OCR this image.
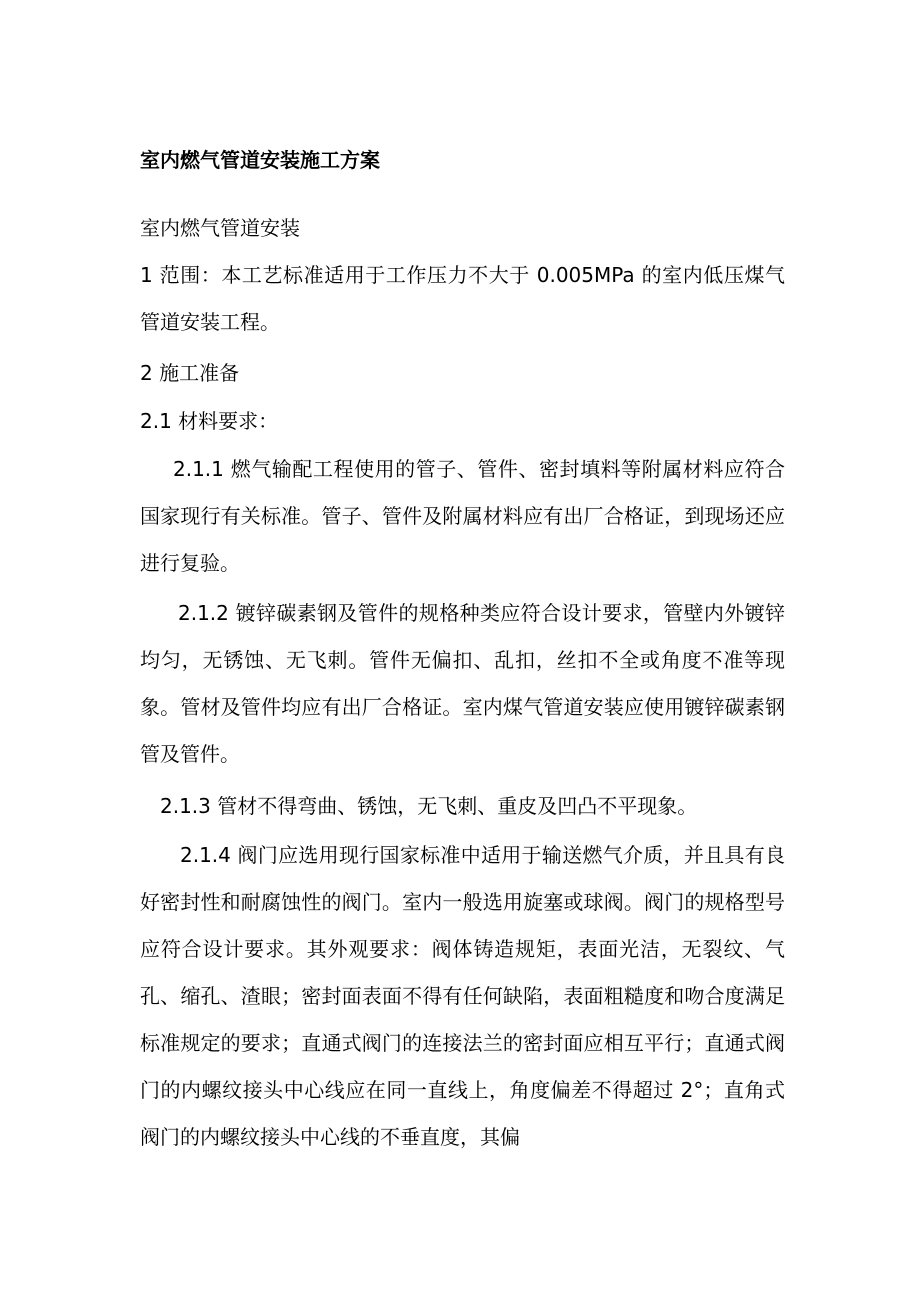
室内燃气管道安装施工方案

室内燃气管道安装

1 范围：本工艺标准适用于工作压力不大于 0.005MPa 的室内低压煤气管道安装工程。

2 施工准备

2.1 材料要求：

2.1.1 燃气输配工程使用的管子、管件、密封填料等附属材料应符合国家现行有关标准。管子、管件及附属材料应有出厂合格证，到现场还应进行复验。

2.1.2 镀锌碳素钢及管件的规格种类应符合设计要求，管壁内外镀锌均匀，无锈蚀、无飞刺。管件无偏扣、乱扣，丝扣不全或角度不准等现象。管材及管件均应有出厂合格证。室内煤气管道安装应使用镀锌碳素钢管及管件。

2.1.3 管材不得弯曲、锈蚀，无飞刺、重皮及凹凸不平现象。

2.1.4 阀门应选用现行国家标准中适用于输送燃气介质，并且具有良好密封性和耐腐蚀性的阀门。室内一般选用旋塞或球阀。阀门的规格型号应符合设计要求。其外观要求：阀体铸造规矩，表面光洁，无裂纹、气孔、缩孔、渣眼；密封面表面不得有任何缺陷，表面粗糙度和吻合度满足标准规定的要求；直通式阀门的连接法兰的密封面应相互平行；直通式阀门的内螺纹接头中心线应在同一直线上，角度偏差不得超过 2°；直角式阀门的内螺纹接头中心线的不垂直度，其偏
